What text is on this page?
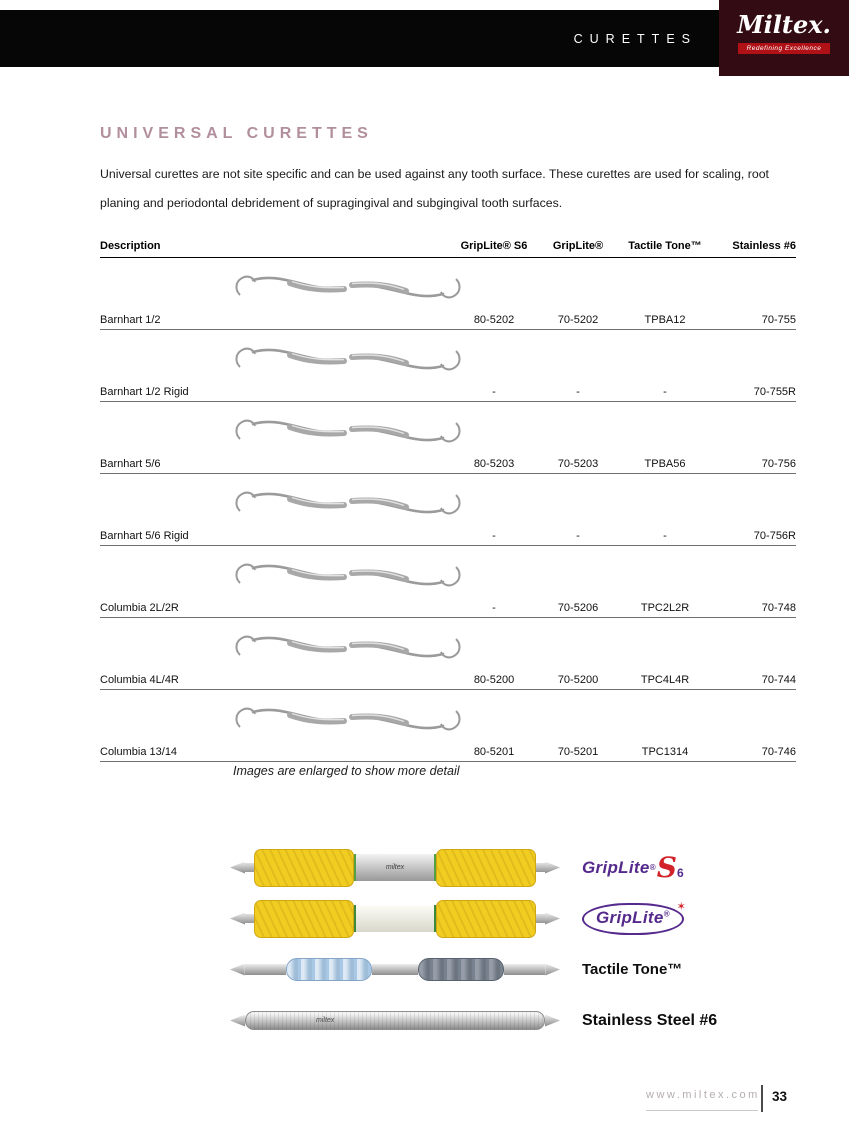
CURETTES	Miltex.
Redefining Excellence
UNIVERSAL CURETTES

Universal curettes are not site specific and can be used against any tooth surface. These curettes are used for scaling, root planing and periodontal debridement of supragingival and subgingival tooth surfaces.

Description	GripLite® S6	GripLite®	Tactile Tone™	Stainless #6
Barnhart 1/2	80-5202	70-5202	TPBA12	70-755
Barnhart 1/2 Rigid	-	-	-	70-755R
Barnhart 5/6	80-5203	70-5203	TPBA56	70-756
Barnhart 5/6 Rigid	-	-	-	70-756R
Columbia 2L/2R	-	70-5206	TPC2L2R	70-748
Columbia 4L/4R	80-5200	70-5200	TPC4L4R	70-744
Columbia 13/14	80-5201	70-5201	TPC1314	70-746
Images are enlarged to show more detail
miltex	GripLite ® S 6
GripLite®
✶
Tactile Tone™
miltex	Stainless Steel #6
www.miltex.com 33
